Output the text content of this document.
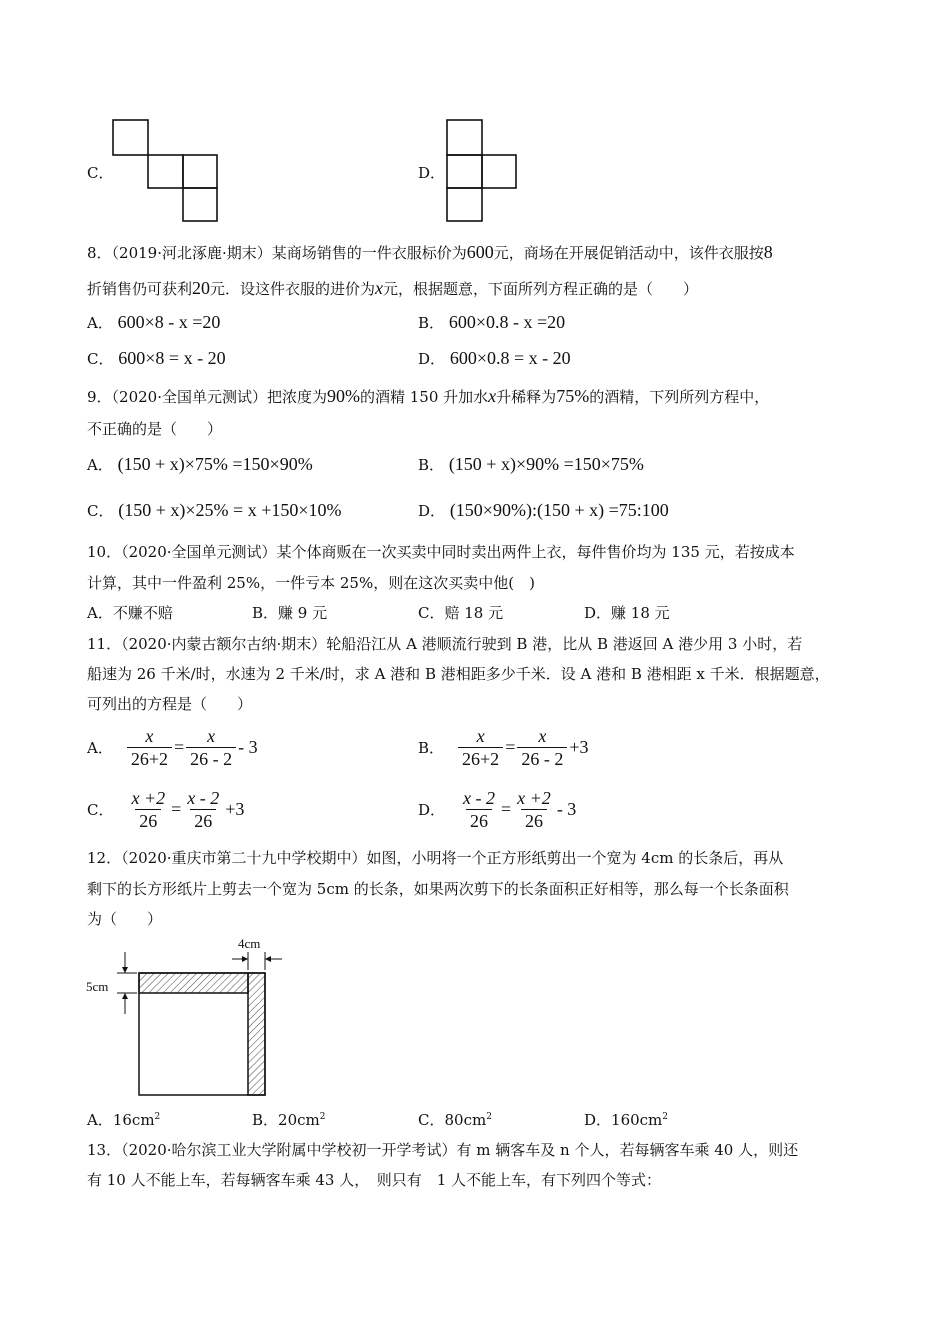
C．	D．
8．（2019·河北涿鹿·期末）某商场销售的一件衣服标价为600元，商场在开展促销活动中，该件衣服按8
折销售仍可获利20元．设这件衣服的进价为x元，根据题意，下面所列方程正确的是（　　）
A． 600×8 - x =20	B． 600×0.8 - x =20
C． 600×8 = x - 20	D． 600×0.8 = x - 20
9．（2020·全国单元测试）把浓度为90%的酒精 150 升加水x升稀释为75%的酒精，下列所列方程中，
不正确的是（　　）
A． (150 + x)×75% =150×90%	B． (150 + x)×90% =150×75%
C． (150 + x)×25% = x +150×10%	D． (150×90%):(150 + x) =75:100
10．（2020·全国单元测试）某个体商贩在一次买卖中同时卖出两件上衣，每件售价均为 135 元，若按成本
计算，其中一件盈利 25%，一件亏本 25%，则在这次买卖中他(　)
A．不赚不赔	B．赚 9 元	C．赔 18 元	D．赚 18 元
11．（2020·内蒙古额尔古纳·期末）轮船沿江从 A 港顺流行驶到 B 港，比从 B 港返回 A 港少用 3 小时，若
船速为 26 千米/时，水速为 2 千米/时，求 A 港和 B 港相距多少千米．设 A 港和 B 港相距 x 千米．根据题意，
可列出的方程是（　　）
A． $\frac{x}{26+2} = \frac{x}{26 - 2} - 3$	B． $\frac{x}{26+2} = \frac{x}{26 - 2} +3$
C． $\frac{x +2}{26} = \frac{x - 2}{26} +3$	D． $\frac{x - 2}{26} = \frac{x +2}{26} - 3$
12．（2020·重庆市第二十九中学校期中）如图，小明将一个正方形纸剪出一个宽为 4cm 的长条后，再从
剩下的长方形纸片上剪去一个宽为 5cm 的长条，如果两次剪下的长条面积正好相等，那么每一个长条面积
为（　　）
4cm
5cm
A．$16cm^2$	B．$20cm^2$	C．$80cm^2$	D．$160cm^2$
13．（2020·哈尔滨工业大学附属中学校初一开学考试）有 m 辆客车及 n 个人，若每辆客车乘 40 人，则还
有 10 人不能上车，若每辆客车乘 43 人，　则只有　1 人不能上车，有下列四个等式：
